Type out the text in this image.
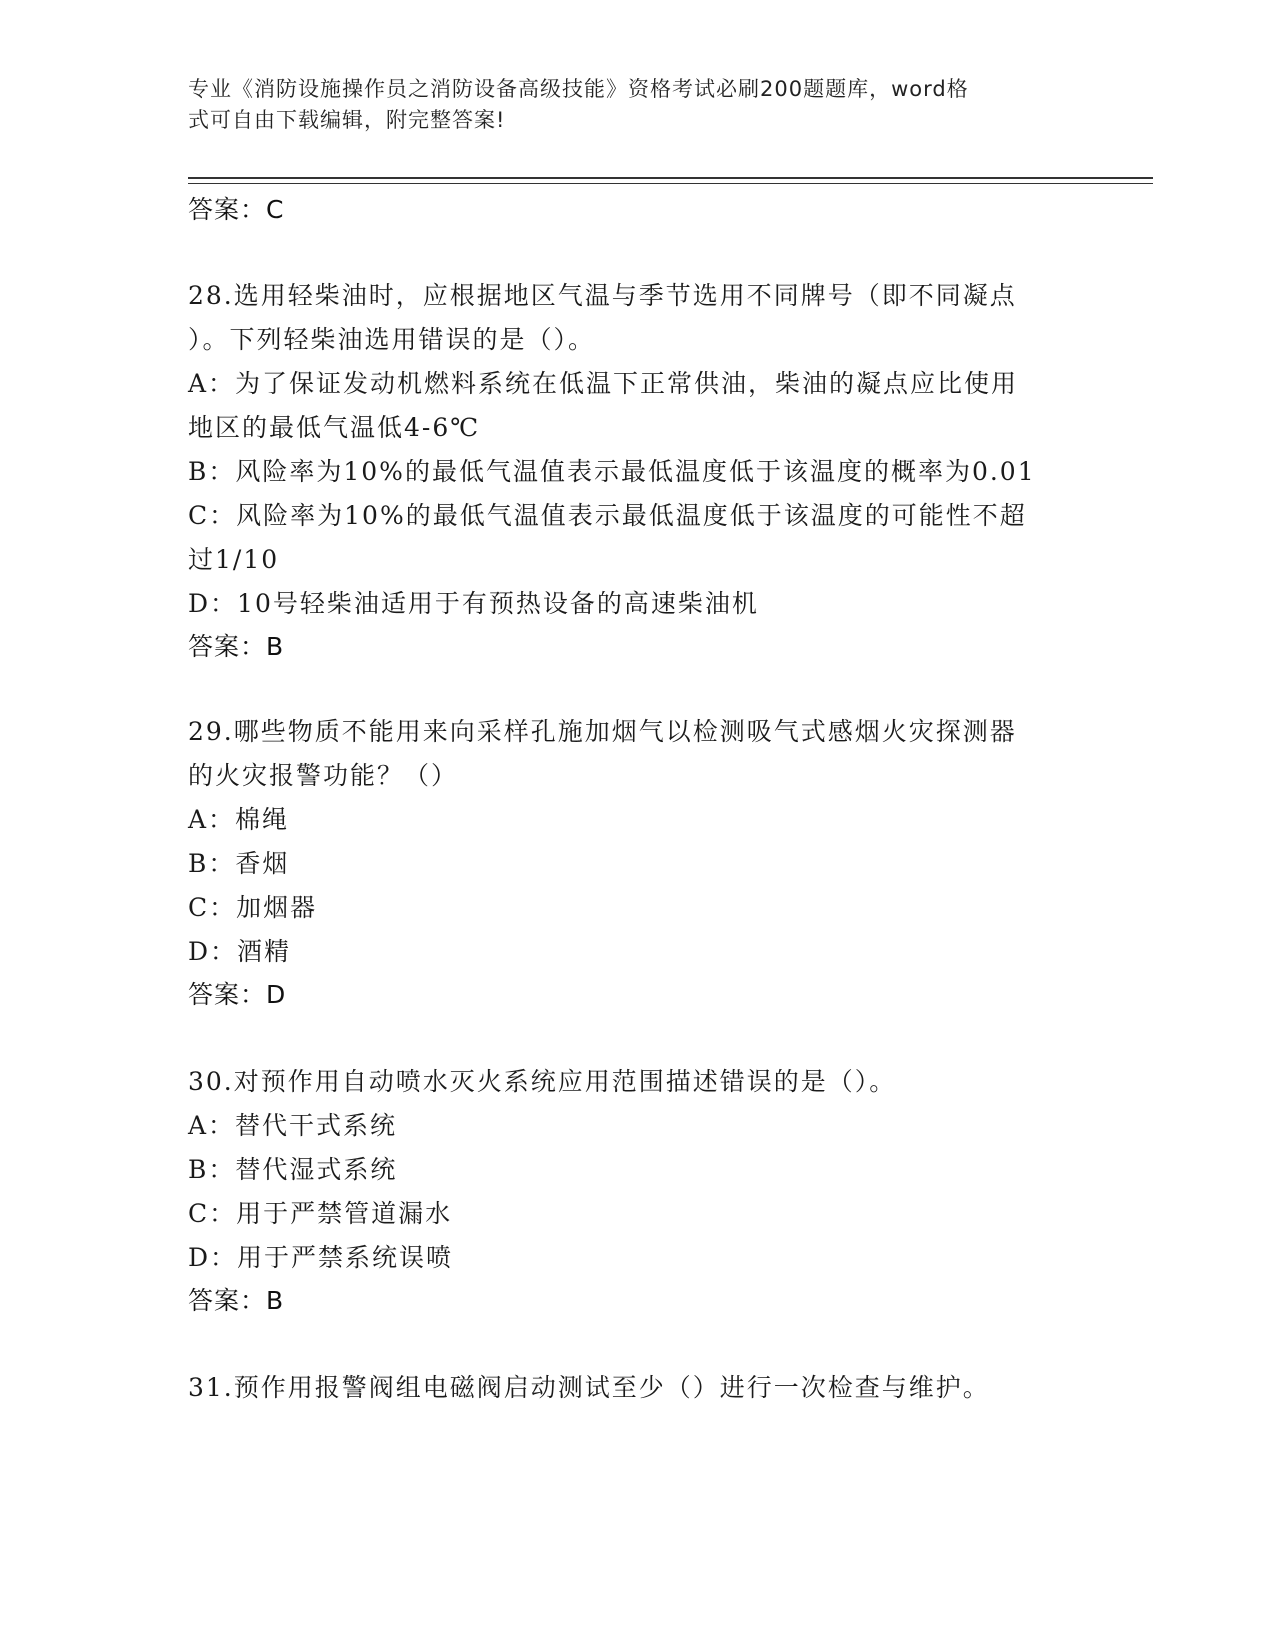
专业《消防设施操作员之消防设备高级技能》资格考试必刷200题题库，word格
式可自由下载编辑，附完整答案!
答案：C
28.选用轻柴油时，应根据地区气温与季节选用不同牌号（即不同凝点
）。下列轻柴油选用错误的是（）。
A：为了保证发动机燃料系统在低温下正常供油，柴油的凝点应比使用
地区的最低气温低4-6℃
B：风险率为10%的最低气温值表示最低温度低于该温度的概率为0.01
C：风险率为10%的最低气温值表示最低温度低于该温度的可能性不超
过1/10
D：10号轻柴油适用于有预热设备的高速柴油机
答案：B
29.哪些物质不能用来向采样孔施加烟气以检测吸气式感烟火灾探测器
的火灾报警功能？（）
A：棉绳
B：香烟
C：加烟器
D：酒精
答案：D
30.对预作用自动喷水灭火系统应用范围描述错误的是（）。
A：替代干式系统
B：替代湿式系统
C：用于严禁管道漏水
D：用于严禁系统误喷
答案：B
31.预作用报警阀组电磁阀启动测试至少（）进行一次检查与维护。
